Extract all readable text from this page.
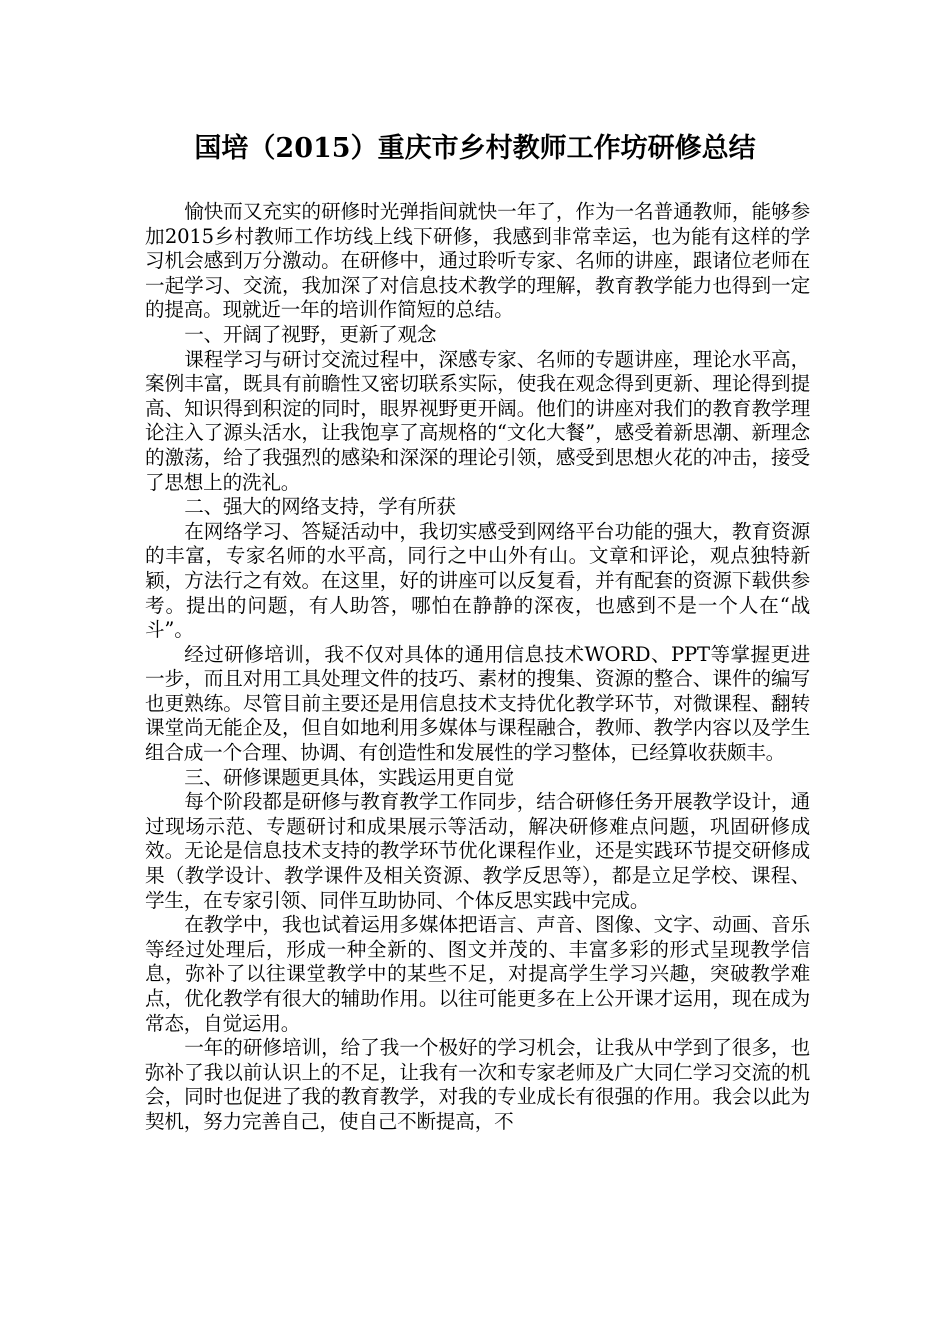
国培（2015）重庆市乡村教师工作坊研修总结

愉快而又充实的研修时光弹指间就快一年了，作为一名普通教师，能够参加2015乡村教师工作坊线上线下研修，我感到非常幸运，也为能有这样的学习机会感到万分激动。在研修中，通过聆听专家、名师的讲座，跟诸位老师在一起学习、交流，我加深了对信息技术教学的理解，教育教学能力也得到一定的提高。现就近一年的培训作简短的总结。

一、开阔了视野，更新了观念

课程学习与研讨交流过程中，深感专家、名师的专题讲座，理论水平高，案例丰富，既具有前瞻性又密切联系实际，使我在观念得到更新、理论得到提高、知识得到积淀的同时，眼界视野更开阔。他们的讲座对我们的教育教学理论注入了源头活水，让我饱享了高规格的“文化大餐”，感受着新思潮、新理念的激荡，给了我强烈的感染和深深的理论引领，感受到思想火花的冲击，接受了思想上的洗礼。

二、强大的网络支持，学有所获

在网络学习、答疑活动中，我切实感受到网络平台功能的强大，教育资源的丰富，专家名师的水平高，同行之中山外有山。文章和评论，观点独特新颖，方法行之有效。在这里，好的讲座可以反复看，并有配套的资源下载供参考。提出的问题，有人助答，哪怕在静静的深夜，也感到不是一个人在“战斗”。

经过研修培训，我不仅对具体的通用信息技术WORD、PPT等掌握更进一步，而且对用工具处理文件的技巧、素材的搜集、资源的整合、课件的编写也更熟练。尽管目前主要还是用信息技术支持优化教学环节，对微课程、翻转课堂尚无能企及，但自如地利用多媒体与课程融合，教师、教学内容以及学生组合成一个合理、协调、有创造性和发展性的学习整体，已经算收获颇丰。

三、研修课题更具体，实践运用更自觉

每个阶段都是研修与教育教学工作同步，结合研修任务开展教学设计，通过现场示范、专题研讨和成果展示等活动，解决研修难点问题，巩固研修成效。无论是信息技术支持的教学环节优化课程作业，还是实践环节提交研修成果（教学设计、教学课件及相关资源、教学反思等），都是立足学校、课程、学生，在专家引领、同伴互助协同、个体反思实践中完成。

在教学中，我也试着运用多媒体把语言、声音、图像、文字、动画、音乐等经过处理后，形成一种全新的、图文并茂的、丰富多彩的形式呈现教学信息，弥补了以往课堂教学中的某些不足，对提高学生学习兴趣，突破教学难点，优化教学有很大的辅助作用。以往可能更多在上公开课才运用，现在成为常态，自觉运用。

一年的研修培训，给了我一个极好的学习机会，让我从中学到了很多，也弥补了我以前认识上的不足，让我有一次和专家老师及广大同仁学习交流的机会，同时也促进了我的教育教学，对我的专业成长有很强的作用。我会以此为契机，努力完善自己，使自己不断提高，不
